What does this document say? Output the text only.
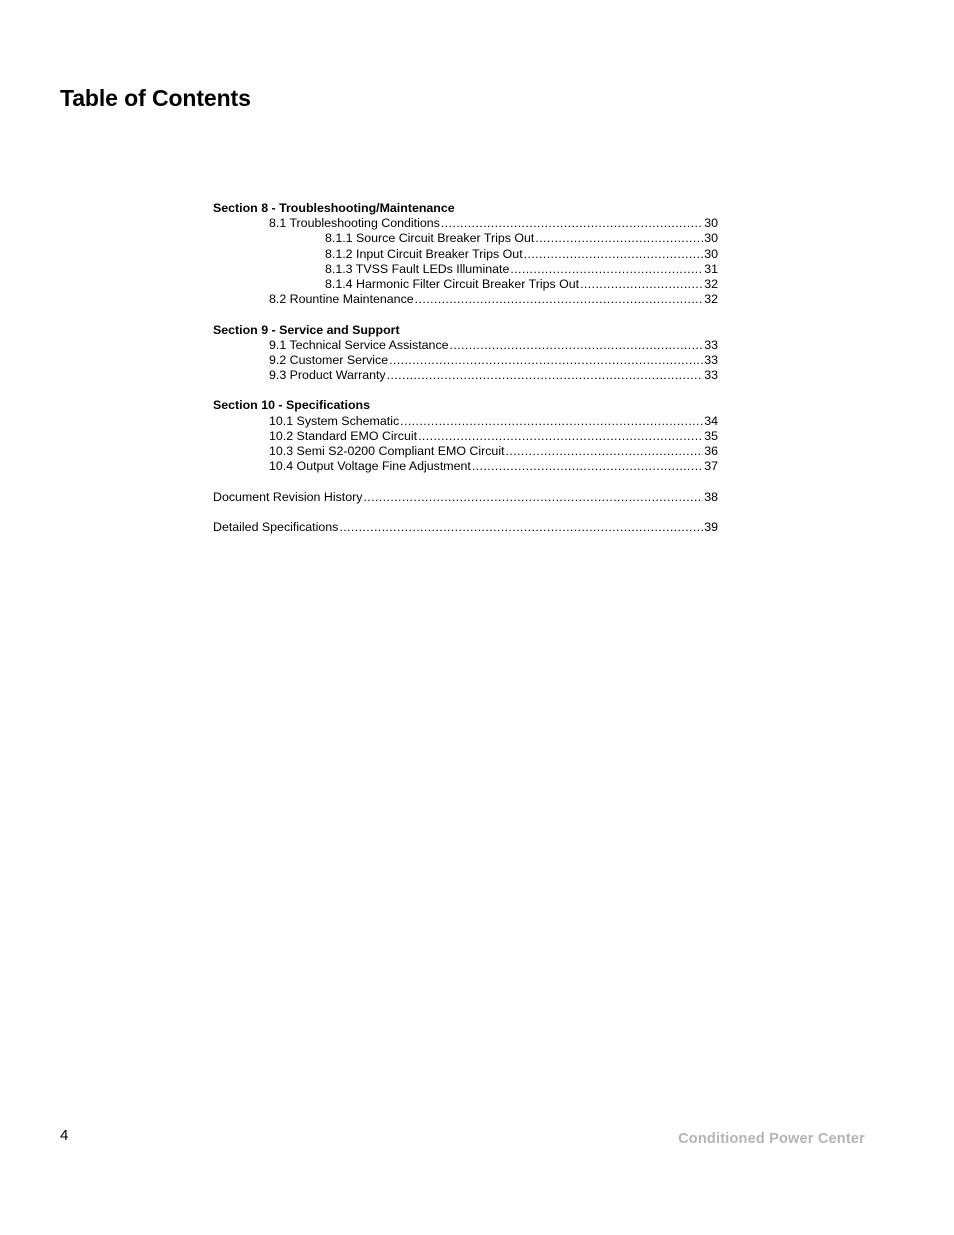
Table of Contents
Section 8 - Troubleshooting/Maintenance
8.1 Troubleshooting Conditions .....	30
8.1.1 Source Circuit Breaker Trips Out .....	30
8.1.2 Input Circuit Breaker Trips Out .....	30
8.1.3 TVSS Fault LEDs Illuminate .....	31
8.1.4 Harmonic Filter Circuit Breaker Trips Out .....	32
8.2 Rountine Maintenance .....	32
Section 9 - Service and Support
9.1 Technical Service Assistance .....	33
9.2 Customer Service .....	33
9.3 Product Warranty .....	33
Section 10 - Specifications
10.1 System Schematic .....	34
10.2 Standard EMO Circuit .....	35
10.3 Semi S2-0200 Compliant EMO Circuit .....	36
10.4 Output Voltage Fine Adjustment .....	37
Document Revision History .....	38
Detailed Specifications .....	39
4	Conditioned Power Center
